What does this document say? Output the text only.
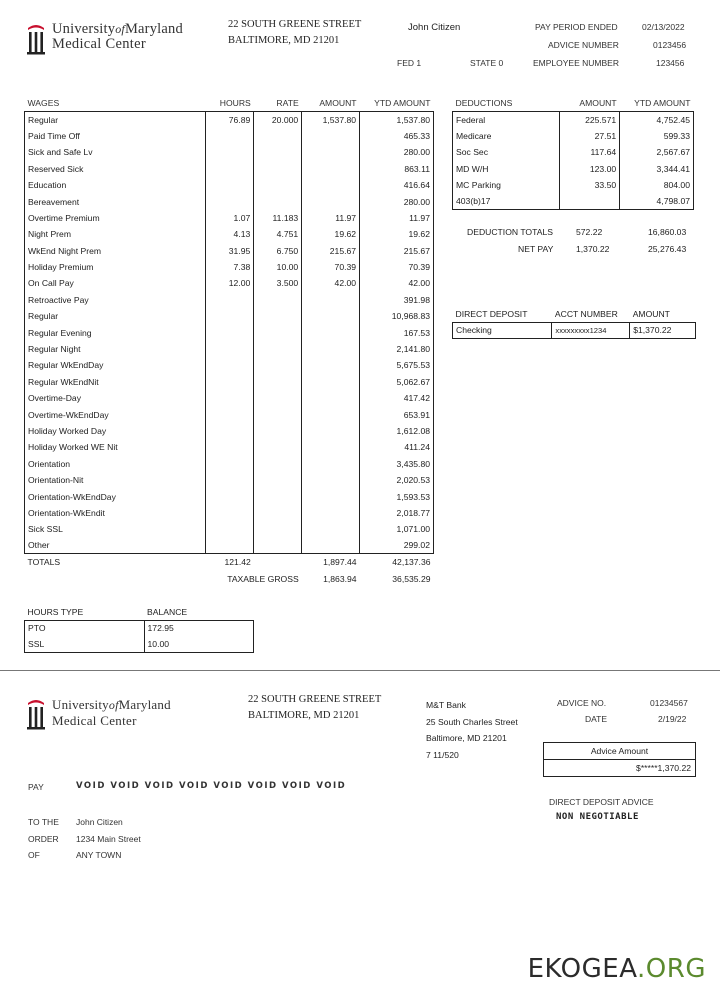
UniversityofMaryland
Medical Center
22 SOUTH GREENE STREET
BALTIMORE, MD 21201
John Citizen
FED 1	STATE 0
PAY PERIOD ENDED	02/13/2022
ADVICE NUMBER	0123456
EMPLOYEE NUMBER	123456
WAGES	HOURS	RATE	AMOUNT	YTD AMOUNT
Regular	76.89	20.000	1,537.80	1,537.80
Paid Time Off				465.33
Sick and Safe Lv				280.00
Reserved Sick				863.11
Education				416.64
Bereavement				280.00
Overtime Premium	1.07	11.183	11.97	11.97
Night Prem	4.13	4.751	19.62	19.62
WkEnd Night Prem	31.95	6.750	215.67	215.67
Holiday Premium	7.38	10.00	70.39	70.39
On Call Pay	12.00	3.500	42.00	42.00
Retroactive Pay				391.98
Regular				10,968.83
Regular Evening				167.53
Regular Night				2,141.80
Regular WkEndDay				5,675.53
Regular WkEndNit				5,062.67
Overtime-Day				417.42
Overtime-WkEndDay				653.91
Holiday Worked Day				1,612.08
Holiday Worked WE Nit				411.24
Orientation				3,435.80
Orientation-Nit				2,020.53
Orientation-WkEndDay				1,593.53
Orientation-WkEndit				2,018.77
Sick SSL				1,071.00
Other				299.02
TOTALS	121.42		1,897.44	42,137.36
	TAXABLE GROSS		1,863.94	36,535.29
DEDUCTIONS	AMOUNT	YTD AMOUNT
Federal	225.571	4,752.45
Medicare	27.51	599.33
Soc Sec	117.64	2,567.67
MD W/H	123.00	3,344.41
MC Parking	33.50	804.00
403(b)17		4,798.07
DEDUCTION TOTALS	572.22	16,860.03
NET PAY	1,370.22	25,276.43
DIRECT DEPOSIT	ACCT NUMBER	AMOUNT
Checking	xxxxxxxxx1234	$1,370.22
HOURS TYPE	BALANCE
PTO	172.95
SSL	10.00
UniversityofMaryland
Medical Center
22 SOUTH GREENE STREET
BALTIMORE, MD 21201
M&T Bank
25 South Charles Street
Baltimore, MD 21201
7 11/520
ADVICE NO.	01234567
DATE	2/19/22
Advice Amount
$*****1,370.22
PAY	VOID VOID VOID VOID VOID VOID VOID VOID
DIRECT DEPOSIT ADVICE
NON NEGOTIABLE
TO THE
ORDER
OF
John Citizen
1234 Main Street
ANY TOWN
EKOGEA.ORG
